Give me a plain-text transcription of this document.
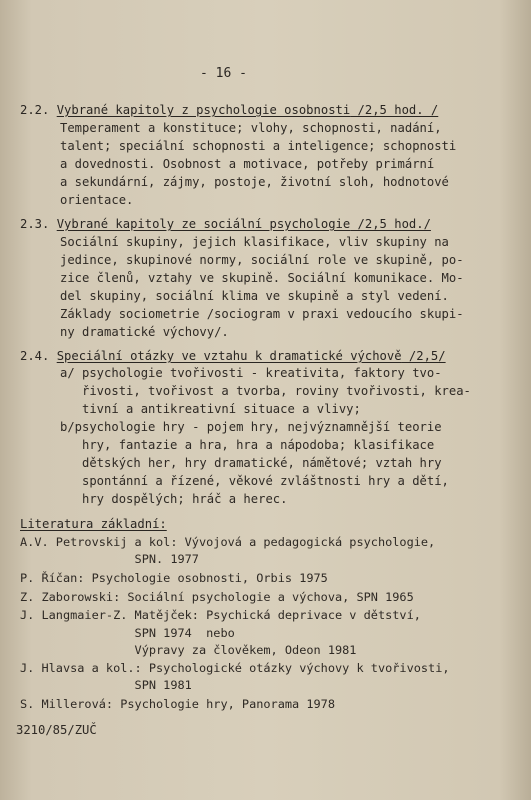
- 16 -
2.2. Vybrané kapitoly z psychologie osobnosti /2,5 hod. /
Temperament a konstituce; vlohy, schopnosti, nadání,
talent; speciální schopnosti a inteligence; schopnosti
a dovednosti. Osobnost a motivace, potřeby primární
a sekundární, zájmy, postoje, životní sloh, hodnotové
orientace.
2.3. Vybrané kapitoly ze sociální psychologie /2,5 hod./
Sociální skupiny, jejich klasifikace, vliv skupiny na
jedince, skupinové normy, sociální role ve skupině, po-
zice členů, vztahy ve skupině. Sociální komunikace. Mo-
del skupiny, sociální klima ve skupině a styl vedení.
Základy sociometrie /sociogram v praxi vedoucího skupi-
ny dramatické výchovy/.
2.4. Speciální otázky ve vztahu k dramatické výchově /2,5/
a/ psychologie tvořivosti - kreativita, faktory tvo-
řivosti, tvořivost a tvorba, roviny tvořivosti, krea-
tivní a antikreativní situace a vlivy;
b/psychologie hry - pojem hry, nejvýznamnější teorie
hry, fantazie a hra, hra a nápodoba; klasifikace
dětských her, hry dramatické, námětové; vztah hry
spontánní a řízené, věkové zvláštnosti hry a dětí,
hry dospělých; hráč a herec.
Literatura základní:
A.V. Petrovskij a kol: Vývojová a pedagogická psychologie,
SPN. 1977
P. Říčan: Psychologie osobnosti, Orbis 1975
Z. Zaborowski: Sociální psychologie a výchova, SPN 1965
J. Langmaier-Z. Matějček: Psychická deprivace v dětství,
SPN 1974  nebo
Výpravy za člověkem, Odeon 1981
J. Hlavsa a kol.: Psychologické otázky výchovy k tvořivosti,
SPN 1981
S. Millerová: Psychologie hry, Panorama 1978
3210/85/ZUČ
